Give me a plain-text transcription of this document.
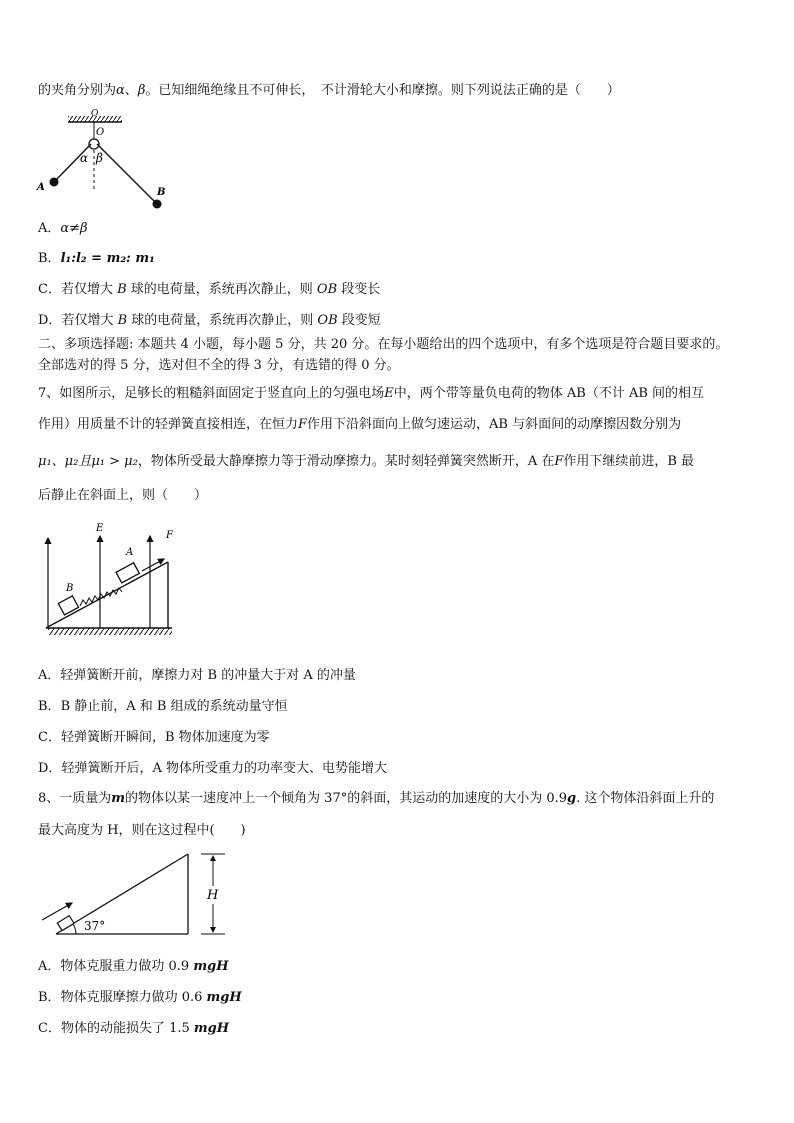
的夹角分别为α、β。已知细绳绝缘且不可伸长，　不计滑轮大小和摩擦。则下列说法正确的是（　　）
O
O
α β
A	B
A．α≠β
B．l₁:l₂ = m₂: m₁
C．若仅增大 B 球的电荷量，系统再次静止，则 OB 段变长
D．若仅增大 B 球的电荷量，系统再次静止，则 OB 段变短
二、多项选择题: 本题共 4 小题，每小题 5 分，共 20 分。在每小题给出的四个选项中，有多个选项是符合题目要求的。
全部选对的得 5 分，选对但不全的得 3 分，有选错的得 0 分。
7、如图所示，足够长的粗糙斜面固定于竖直向上的匀强电场E中，两个带等量负电荷的物体 AB（不计 AB 间的相互
作用）用质量不计的轻弹簧直接相连，在恒力F作用下沿斜面向上做匀速运动，AB 与斜面间的动摩擦因数分别为
μ₁、μ₂且μ₁ > μ₂，物体所受最大静摩擦力等于滑动摩擦力。某时刻轻弹簧突然断开，A 在F作用下继续前进，B 最
后静止在斜面上，则（　　）
E
F
A
B
A．轻弹簧断开前，摩擦力对 B 的冲量大于对 A 的冲量
B．B 静止前，A 和 B 组成的系统动量守恒
C．轻弹簧断开瞬间，B 物体加速度为零
D．轻弹簧断开后，A 物体所受重力的功率变大、电势能增大
8、一质量为m的物体以某一速度冲上一个倾角为 37°的斜面，其运动的加速度的大小为 0.9g. 这个物体沿斜面上升的
最大高度为 H，则在这过程中(　　)
37°
H
A．物体克服重力做功 0.9 mgH
B．物体克服摩擦力做功 0.6 mgH
C．物体的动能损失了 1.5 mgH
